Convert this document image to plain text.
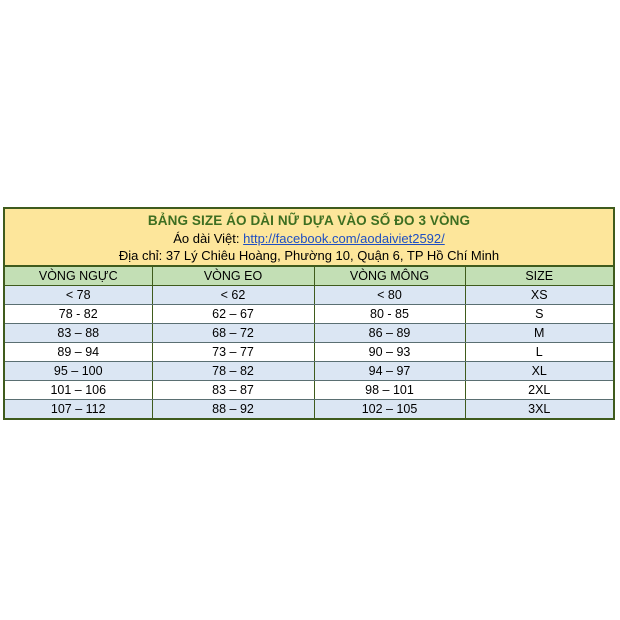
BẢNG SIZE ÁO DÀI NỮ DỰA VÀO SỐ ĐO 3 VÒNG
Áo dài Việt: http://facebook.com/aodaiviet2592/
Địa chỉ: 37 Lý Chiêu Hoàng, Phường 10, Quận 6, TP Hồ Chí Minh
VÒNG NGỰC	VÒNG EO	VÒNG MÔNG	SIZE
< 78	< 62	< 80	XS
78 - 82	62 – 67	80 - 85	S
83 – 88	68 – 72	86 – 89	M
89 – 94	73 – 77	90 – 93	L
95 – 100	78 – 82	94 – 97	XL
101 – 106	83 – 87	98 – 101	2XL
107 – 112	88 – 92	102 – 105	3XL
